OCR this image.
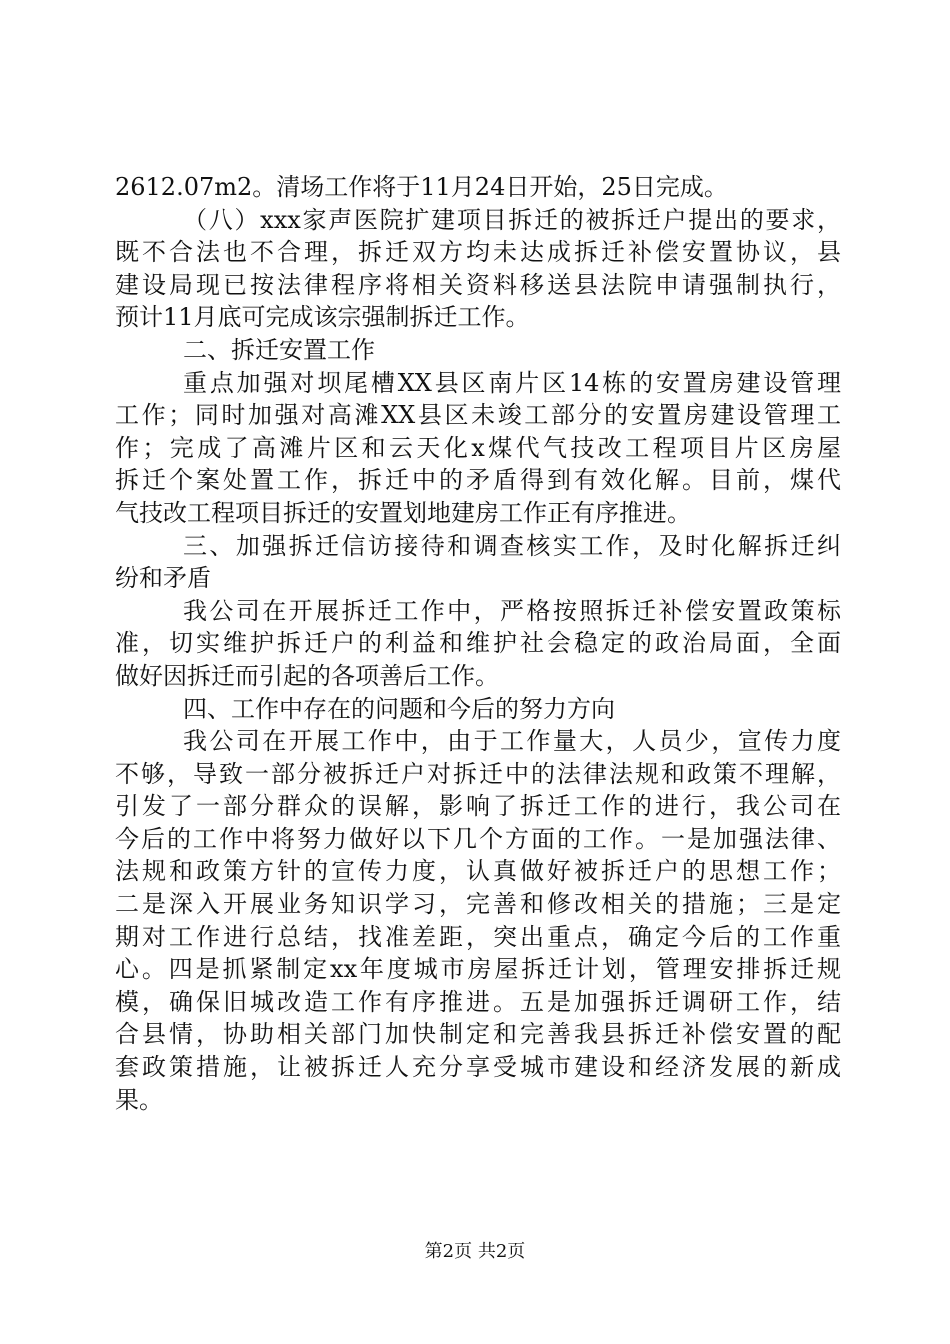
2612.07m2。清场工作将于11月24日开始，25日完成。
（八）xxx家声医院扩建项目拆迁的被拆迁户提出的要求，
既不合法也不合理，拆迁双方均未达成拆迁补偿安置协议，县
建设局现已按法律程序将相关资料移送县法院申请强制执行，
预计11月底可完成该宗强制拆迁工作。
二、拆迁安置工作
重点加强对坝尾槽XX县区南片区14栋的安置房建设管理
工作；同时加强对高滩XX县区未竣工部分的安置房建设管理工
作；完成了高滩片区和云天化x煤代气技改工程项目片区房屋
拆迁个案处置工作，拆迁中的矛盾得到有效化解。目前，煤代
气技改工程项目拆迁的安置划地建房工作正有序推进。
三、加强拆迁信访接待和调查核实工作，及时化解拆迁纠
纷和矛盾
我公司在开展拆迁工作中，严格按照拆迁补偿安置政策标
准，切实维护拆迁户的利益和维护社会稳定的政治局面，全面
做好因拆迁而引起的各项善后工作。
四、工作中存在的问题和今后的努力方向
我公司在开展工作中，由于工作量大，人员少，宣传力度
不够，导致一部分被拆迁户对拆迁中的法律法规和政策不理解，
引发了一部分群众的误解，影响了拆迁工作的进行，我公司在
今后的工作中将努力做好以下几个方面的工作。一是加强法律、
法规和政策方针的宣传力度，认真做好被拆迁户的思想工作；
二是深入开展业务知识学习，完善和修改相关的措施；三是定
期对工作进行总结，找准差距，突出重点，确定今后的工作重
心。四是抓紧制定xx年度城市房屋拆迁计划，管理安排拆迁规
模，确保旧城改造工作有序推进。五是加强拆迁调研工作，结
合县情，协助相关部门加快制定和完善我县拆迁补偿安置的配
套政策措施，让被拆迁人充分享受城市建设和经济发展的新成
果。
第2页 共2页
